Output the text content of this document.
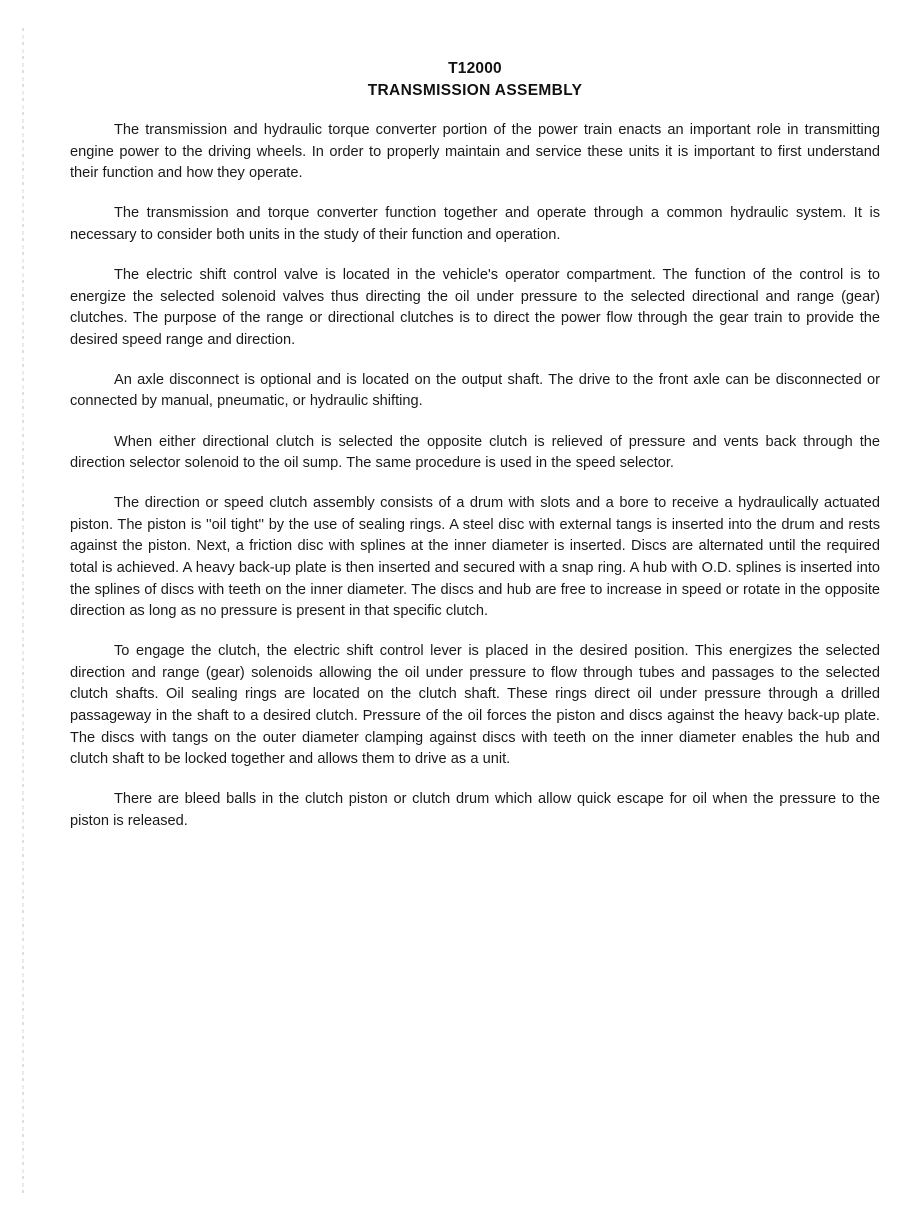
T12000
TRANSMISSION ASSEMBLY

The transmission and hydraulic torque converter portion of the power train enacts an important role in transmitting engine power to the driving wheels. In order to properly maintain and service these units it is important to first understand their function and how they operate.

The transmission and torque converter function together and operate through a common hydraulic system. It is necessary to consider both units in the study of their function and operation.

The electric shift control valve is located in the vehicle's operator compartment. The function of the control is to energize the selected solenoid valves thus directing the oil under pressure to the selected directional and range (gear) clutches. The purpose of the range or directional clutches is to direct the power flow through the gear train to provide the desired speed range and direction.

An axle disconnect is optional and is located on the output shaft. The drive to the front axle can be disconnected or connected by manual, pneumatic, or hydraulic shifting.

When either directional clutch is selected the opposite clutch is relieved of pressure and vents back through the direction selector solenoid to the oil sump. The same procedure is used in the speed selector.

The direction or speed clutch assembly consists of a drum with slots and a bore to receive a hydraulically actuated piston. The piston is ''oil tight'' by the use of sealing rings. A steel disc with external tangs is inserted into the drum and rests against the piston. Next, a friction disc with splines at the inner diameter is inserted. Discs are alternated until the required total is achieved. A heavy back-up plate is then inserted and secured with a snap ring. A hub with O.D. splines is inserted into the splines of discs with teeth on the inner diameter. The discs and hub are free to increase in speed or rotate in the opposite direction as long as no pressure is present in that specific clutch.

To engage the clutch, the electric shift control lever is placed in the desired position. This energizes the selected direction and range (gear) solenoids allowing the oil under pressure to flow through tubes and passages to the selected clutch shafts. Oil sealing rings are located on the clutch shaft. These rings direct oil under pressure through a drilled passageway in the shaft to a desired clutch. Pressure of the oil forces the piston and discs against the heavy back-up plate. The discs with tangs on the outer diameter clamping against discs with teeth on the inner diameter enables the hub and clutch shaft to be locked together and allows them to drive as a unit.

There are bleed balls in the clutch piston or clutch drum which allow quick escape for oil when the pressure to the piston is released.
